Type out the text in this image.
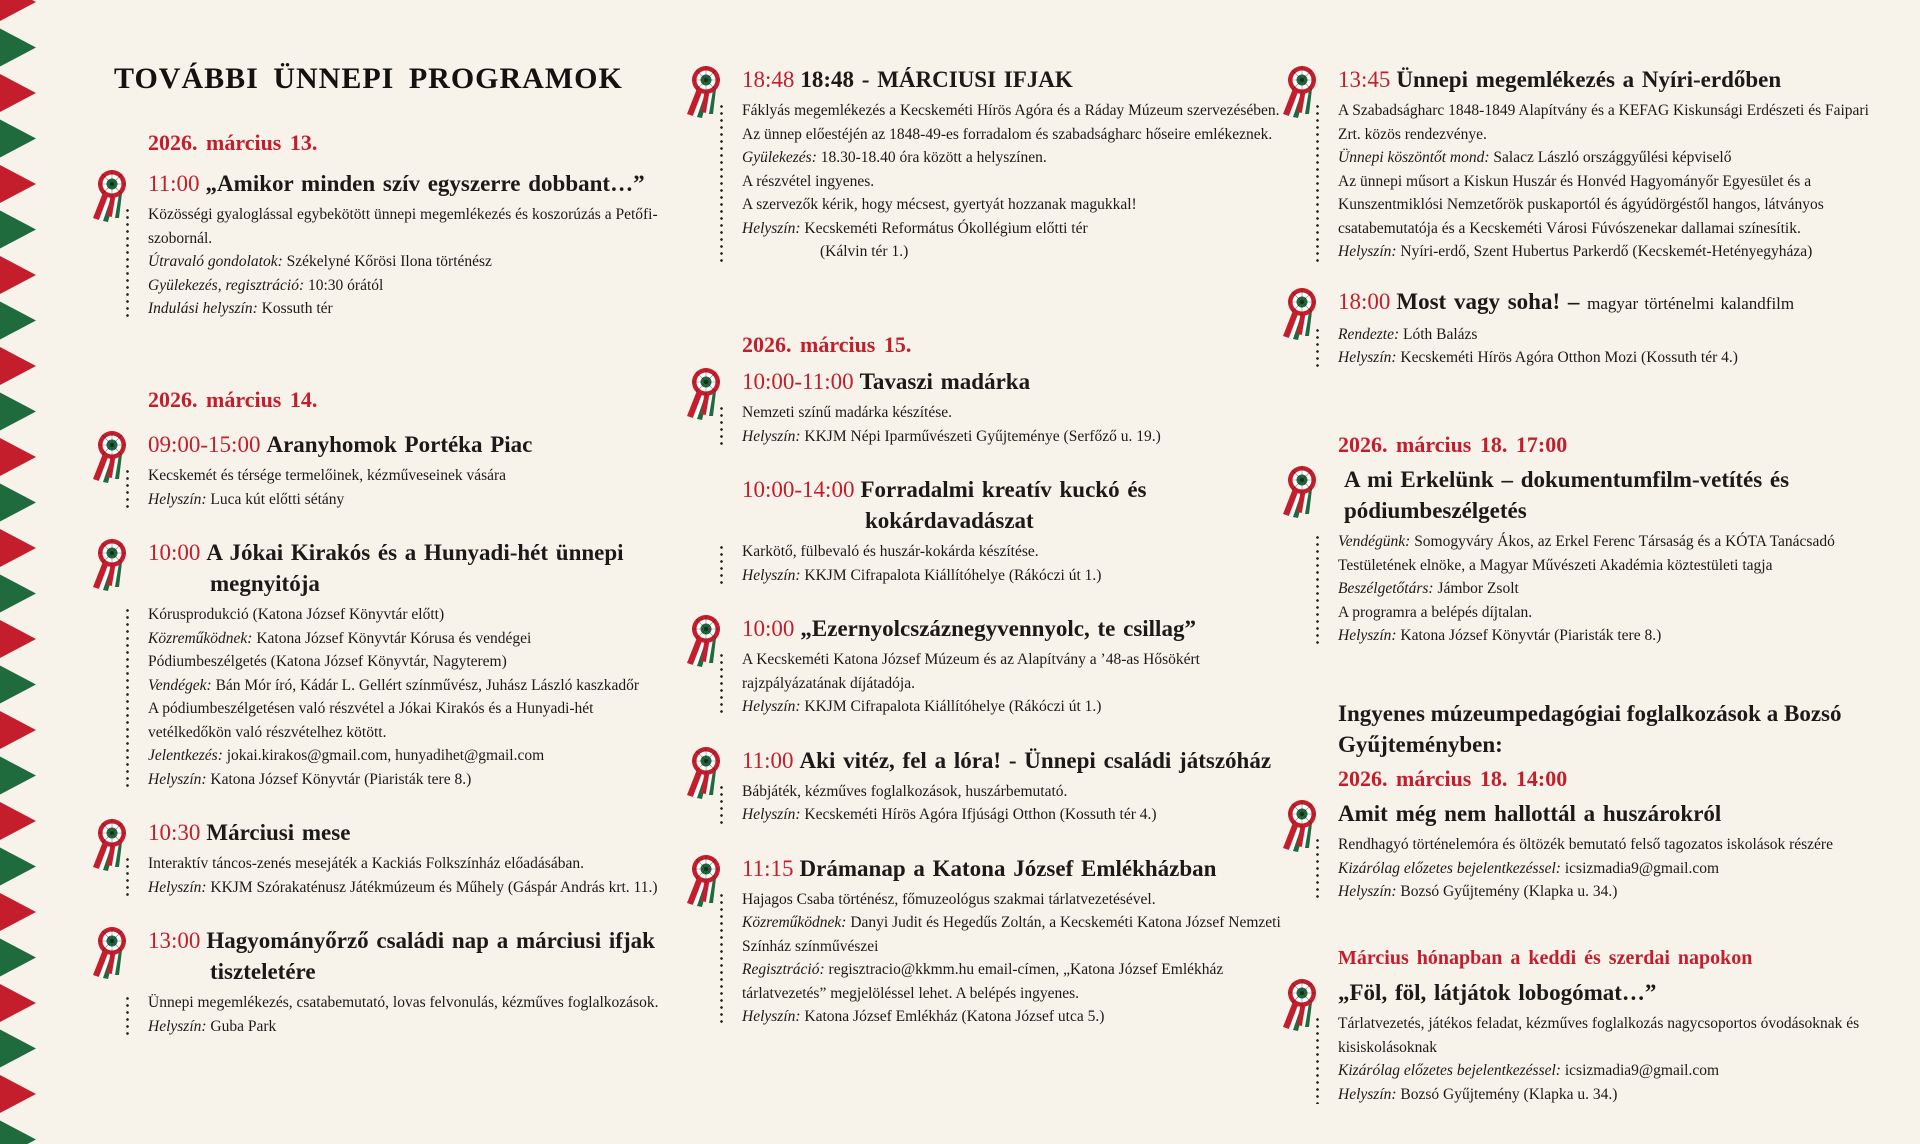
TOVÁBBI ÜNNEPI PROGRAMOK
2026. március 13.
11:00 „Amikor minden szív egyszerre dobbant…”

Közösségi gyaloglással egybekötött ünnepi megemlékezés és koszorúzás a Petőfi-szobornál.

Útravaló gondolatok: Székelyné Kőrösi Ilona történész

Gyülekezés, regisztráció: 10:30 órától

Indulási helyszín: Kossuth tér

2026. március 14.
09:00-15:00 Aranyhomok Portéka Piac

Kecskemét és térsége termelőinek, kézműveseinek vására

Helyszín: Luca kút előtti sétány

10:00 A Jókai Kirakós és a Hunyadi-hét ünnepi megnyitója

Kórusprodukció (Katona József Könyvtár előtt)

Közreműködnek: Katona József Könyvtár Kórusa és vendégei

Pódiumbeszélgetés (Katona József Könyvtár, Nagyterem)

Vendégek: Bán Mór író, Kádár L. Gellért színművész, Juhász László kaszkadőr

A pódiumbeszélgetésen való részvétel a Jókai Kirakós és a Hunyadi-hét vetélkedőkön való részvételhez kötött.

Jelentkezés: jokai.kirakos@gmail.com, hunyadihet@gmail.com

Helyszín: Katona József Könyvtár (Piaristák tere 8.)

10:30 Márciusi mese

Interaktív táncos-zenés mesejáték a Kackiás Folkszínház előadásában.

Helyszín: KKJM Szórakaténusz Játékmúzeum és Műhely (Gáspár András krt. 11.)

13:00 Hagyományőrző családi nap a márciusi ifjak tiszteletére

Ünnepi megemlékezés, csatabemutató, lovas felvonulás, kézműves foglalkozások.

Helyszín: Guba Park

18:48 18:48 - MÁRCIUSI IFJAK

Fáklyás megemlékezés a Kecskeméti Hírös Agóra és a Ráday Múzeum szervezésében. Az ünnep előestéjén az 1848-49-es forradalom és szabadságharc hőseire emlékeznek.

Gyülekezés: 18.30-18.40 óra között a helyszínen.

A részvétel ingyenes.

A szervezők kérik, hogy mécsest, gyertyát hozzanak magukkal!

Helyszín: Kecskeméti Református Ókollégium előtti tér

(Kálvin tér 1.)

2026. március 15.
10:00-11:00 Tavaszi madárka

Nemzeti színű madárka készítése.

Helyszín: KKJM Népi Iparművészeti Gyűjteménye (Serfőző u. 19.)

10:00-14:00 Forradalmi kreatív kuckó és kokárdavadászat

Karkötő, fülbevaló és huszár-kokárda készítése.

Helyszín: KKJM Cifrapalota Kiállítóhelye (Rákóczi út 1.)

10:00 „Ezernyolcszáznegyvennyolc, te csillag”

A Kecskeméti Katona József Múzeum és az Alapítvány a ’48-as Hősökért rajzpályázatának díjátadója.

Helyszín: KKJM Cifrapalota Kiállítóhelye (Rákóczi út 1.)

11:00 Aki vitéz, fel a lóra! - Ünnepi családi játszóház

Bábjáték, kézműves foglalkozások, huszárbemutató.

Helyszín: Kecskeméti Hírös Agóra Ifjúsági Otthon (Kossuth tér 4.)

11:15 Drámanap a Katona József Emlékházban

Hajagos Csaba történész, főmuzeológus szakmai tárlatvezetésével.

Közreműködnek: Danyi Judit és Hegedűs Zoltán, a Kecskeméti Katona József Nemzeti Színház színművészei

Regisztráció: regisztracio@kkmm.hu email-címen, „Katona József Emlékház tárlatvezetés” megjelöléssel lehet. A belépés ingyenes.

Helyszín: Katona József Emlékház (Katona József utca 5.)

13:45 Ünnepi megemlékezés a Nyíri-erdőben

A Szabadságharc 1848-1849 Alapítvány és a KEFAG Kiskunsági Erdészeti és Faipari Zrt. közös rendezvénye.

Ünnepi köszöntőt mond: Salacz László országgyűlési képviselő

Az ünnepi műsort a Kiskun Huszár és Honvéd Hagyományőr Egyesület és a Kunszentmiklósi Nemzetőrök puskaportól és ágyúdörgéstől hangos, látványos csatabemutatója és a Kecskeméti Városi Fúvószenekar dallamai színesítik.

Helyszín: Nyíri-erdő, Szent Hubertus Parkerdő (Kecskemét-Hetényegyháza)

18:00 Most vagy soha! – magyar történelmi kalandfilm

Rendezte: Lóth Balázs

Helyszín: Kecskeméti Hírös Agóra Otthon Mozi (Kossuth tér 4.)

2026. március 18. 17:00
A mi Erkelünk – dokumentumfilm-vetítés és pódiumbeszélgetés

Vendégünk: Somogyváry Ákos, az Erkel Ferenc Társaság és a KÓTA Tanácsadó Testületének elnöke, a Magyar Művészeti Akadémia köztestületi tagja

Beszélgetőtárs: Jámbor Zsolt

A programra a belépés díjtalan.

Helyszín: Katona József Könyvtár (Piaristák tere 8.)

Ingyenes múzeumpedagógiai foglalkozások a Bozsó Gyűjteményben:
2026. március 18. 14:00
Amit még nem hallottál a huszárokról

Rendhagyó történelemóra és öltözék bemutató felső tagozatos iskolások részére

Kizárólag előzetes bejelentkezéssel: icsizmadia9@gmail.com

Helyszín: Bozsó Gyűjtemény (Klapka u. 34.)

Március hónapban a keddi és szerdai napokon
„Föl, föl, látjátok lobogómat…”

Tárlatvezetés, játékos feladat, kézműves foglalkozás nagycsoportos óvodásoknak és kisiskolásoknak

Kizárólag előzetes bejelentkezéssel: icsizmadia9@gmail.com

Helyszín: Bozsó Gyűjtemény (Klapka u. 34.)
